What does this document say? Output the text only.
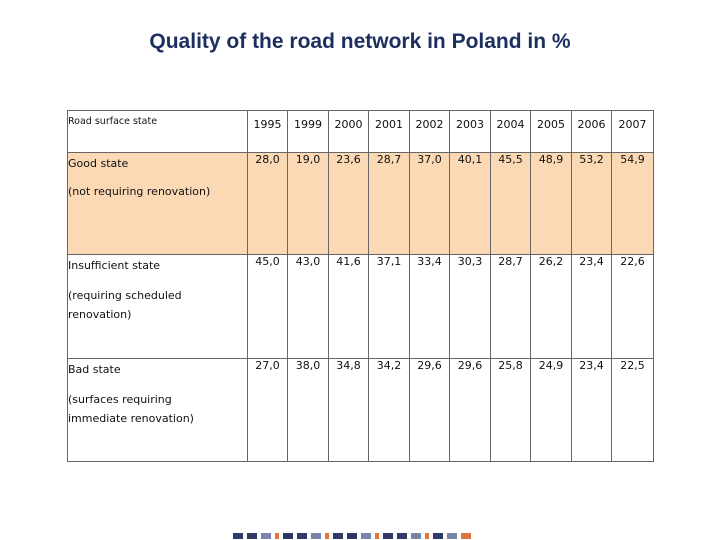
Quality of the road network in Poland in %
Road surface state		1995	1999	2000	2001	2002	2003	2004	2005	2006	2007

Good state
(not requiring renovation)		28,0	19,0	23,6	28,7	37,0	40,1	45,5	48,9	53,2	54,9

Insufficient state
(requiring scheduled renovation)		45,0	43,0	41,6	37,1	33,4	30,3	28,7	26,2	23,4	22,6

Bad state
(surfaces requiring immediate renovation)		27,0	38,0	34,8	34,2	29,6	29,6	25,8	24,9	23,4	22,5
